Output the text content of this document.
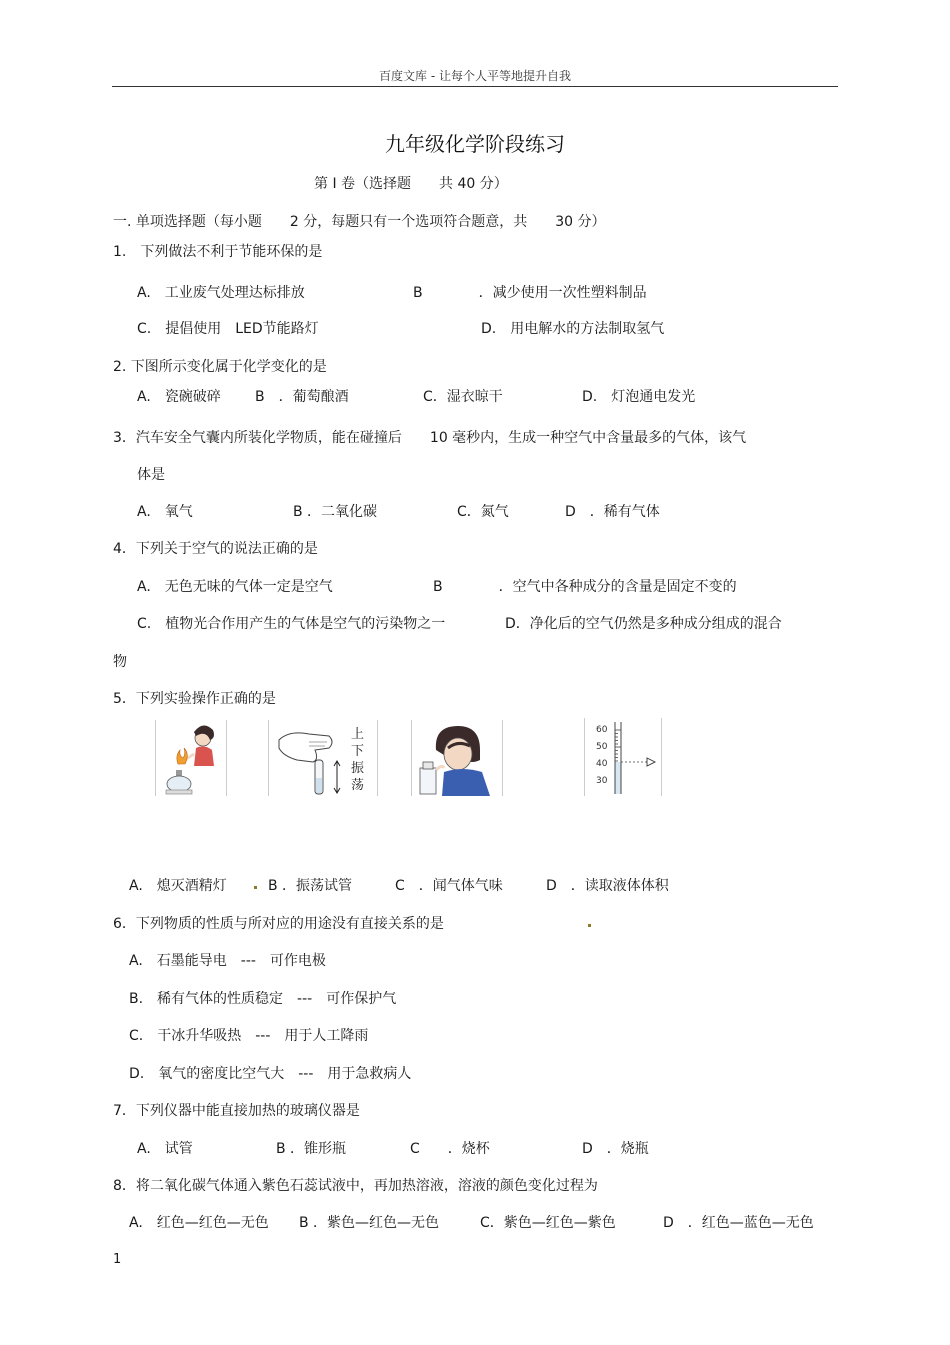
百度文库 - 让每个人平等地提升自我
九年级化学阶段练习
第 I 卷（选择题　　共 40 分）
一. 单项选择题（每小题　　2 分，每题只有一个选项符合题意，共　　30 分）
1.　下列做法不利于节能环保的是
A.　工业废气处理达标排放	B　　　　．减少使用一次性塑料制品
C.　提倡使用　LED节能路灯	D.　用电解水的方法制取氢气
2. 下图所示变化属于化学变化的是
A.　瓷碗破碎 B　．葡萄酿酒	C．湿衣晾干	D.　灯泡通电发光
3．汽车安全气囊内所装化学物质，能在碰撞后　　10 毫秒内，生成一种空气中含量最多的气体，该气
体是
A.　氧气	B ．二氧化碳	C．氮气	D　．稀有气体
4．下列关于空气的说法正确的是
A.　无色无味的气体一定是空气	B　　　　．空气中各种成分的含量是固定不变的
C.　植物光合作用产生的气体是空气的污染物之一	D．净化后的空气仍然是多种成分组成的混合
物
5．下列实验操作正确的是
上下振荡
60
50
40
30
A.　熄灭酒精灯	B ．振荡试管	C　．闻气体气味	D　．读取液体体积
6．下列物质的性质与所对应的用途没有直接关系的是
A.　石墨能导电　---　可作电极
B.　稀有气体的性质稳定　---　可作保护气
C.　干冰升华吸热　---　用于人工降雨
D.　氧气的密度比空气大　---　用于急救病人
7．下列仪器中能直接加热的玻璃仪器是
A.　试管	B ．锥形瓶	C　　．烧杯	D　．烧瓶
8．将二氧化碳气体通入紫色石蕊试液中，再加热溶液，溶液的颜色变化过程为
A.　红色—红色—无色 B ．紫色—红色—无色	C．紫色—红色—紫色	D　．红色—蓝色—无色
1
